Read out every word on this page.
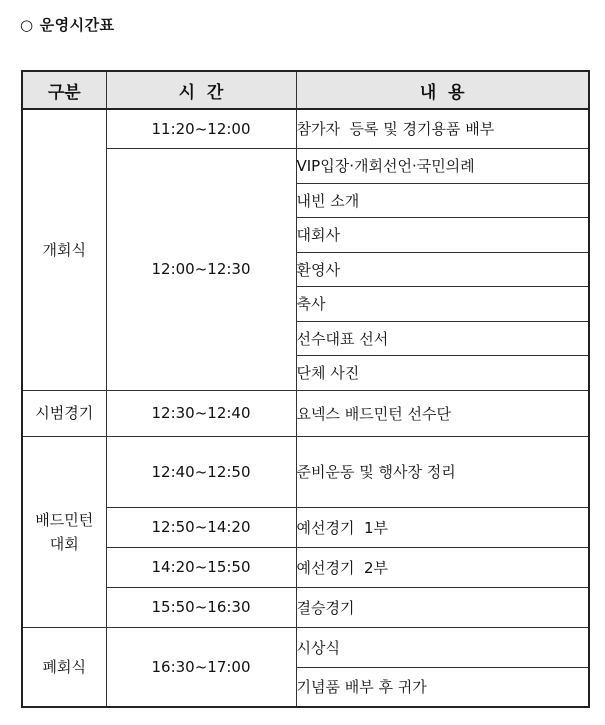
○ 운영시간표
구분	시  간	내  용
개회식	11:20~12:00	참가자  등록 및 경기용품 배부
	12:00~12:30	VIP입장·개회선언·국민의례
		내빈 소개
		대회사
		환영사
		축사
		선수대표 선서
		단체 사진
시범경기	12:30~12:40	요넥스 배드민턴 선수단
배드민턴 대회	12:40~12:50	준비운동 및 행사장 정리
	12:50~14:20	예선경기  1부
	14:20~15:50	예선경기  2부
	15:50~16:30	결승경기
폐회식	16:30~17:00	시상식
		기념품 배부 후 귀가
